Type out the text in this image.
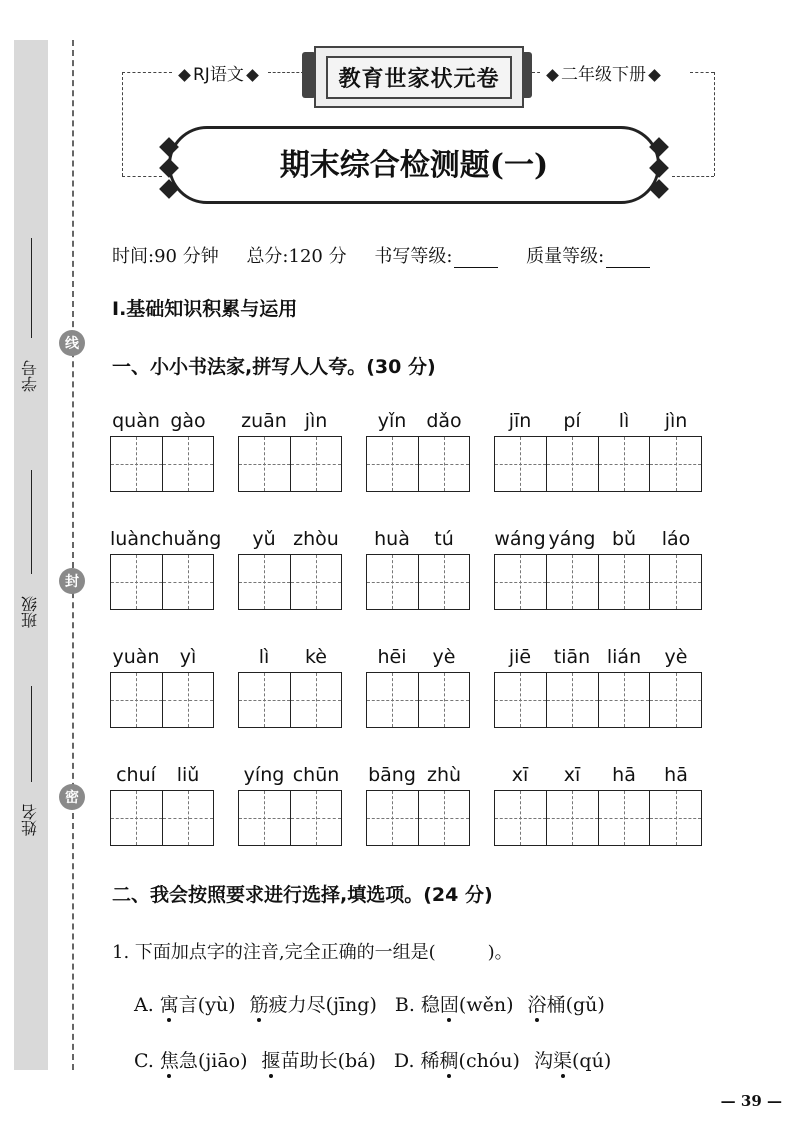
学号
班级
姓名
线
封
密
RJ语文	二年级下册
教育世家状元卷
期末综合检测题(一)
时间:90 分钟 总分:120 分 书写等级:	质量等级:
Ⅰ.基础知识积累与运用
一、小小书法家,拼写人人夸。(30 分)
quàn gào	zuān jìn	yǐn	dǎo	jīn	pí	lì	jìn
luàn chuǎng	yǔ zhòu	huà	tú	wáng yáng bǔ	láo
yuàn	yì	lì	kè	hēi	yè	jiē	tiān lián	yè
chuí	liǔ	yíng chūn bāng zhù	xī	xī	hā	hā
二、我会按照要求进行选择,填选项。(24 分)
1. 下面加点字的注音,完全正确的一组是(	)。
A. 寓言(yù) 筋疲力尽(jīng) B. 稳固(wěn) 浴桶(gǔ)
C. 焦急(jiāo) 揠苗助长(bá) D. 稀稠(chóu) 沟渠(qú)
— 39 —
